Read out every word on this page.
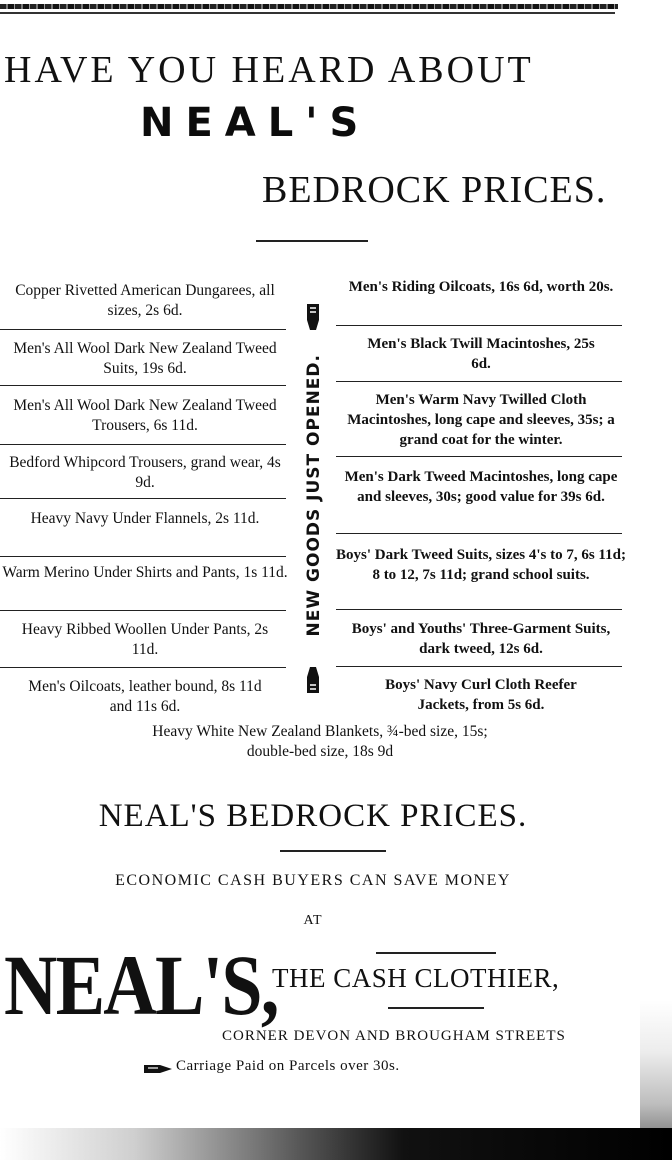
HAVE YOU HEARD ABOUT
NEAL'S
BEDROCK PRICES.
Copper Rivetted American Dungarees, all sizes, 2s 6d.
Men's All Wool Dark New Zealand Tweed Suits, 19s 6d.
Men's All Wool Dark New Zealand Tweed Trousers, 6s 11d.
Bedford Whipcord Trousers, grand wear, 4s 9d.
Heavy Navy Under Flannels, 2s 11d.
Warm Merino Under Shirts and Pants, 1s 11d.
Heavy Ribbed Woollen Under Pants, 2s 11d.
Men's Oilcoats, leather bound, 8s 11d and 11s 6d.
NEW GOODS JUST OPENED.
Men's Riding Oilcoats, 16s 6d, worth 20s.
Men's Black Twill Macintoshes, 25s 6d.
Men's Warm Navy Twilled Cloth Macintoshes, long cape and sleeves, 35s; a grand coat for the winter.
Men's Dark Tweed Macintoshes, long cape and sleeves, 30s; good value for 39s 6d.
Boys' Dark Tweed Suits, sizes 4's to 7, 6s 11d; 8 to 12, 7s 11d; grand school suits.
Boys' and Youths' Three-Garment Suits, dark tweed, 12s 6d.
Boys' Navy Curl Cloth Reefer Jackets, from 5s 6d.
Heavy White New Zealand Blankets, ¾-bed size, 15s; double-bed size, 18s 9d
NEAL'S BEDROCK PRICES.
ECONOMIC CASH BUYERS CAN SAVE MONEY
AT
NEAL'S,
THE CASH CLOTHIER,
CORNER DEVON AND BROUGHAM STREETS
Carriage Paid on Parcels over 30s.
